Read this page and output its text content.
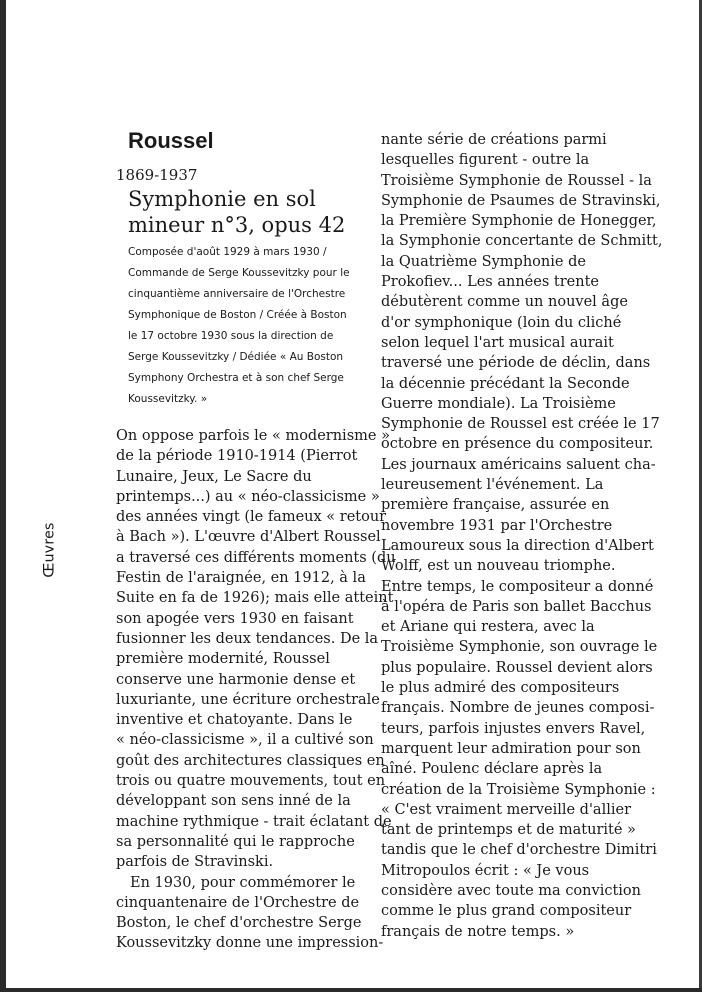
Œuvres
Roussel
1869-1937
Symphonie en sol
mineur n°3, opus 42
Composée d'août 1929 à mars 1930 /
Commande de Serge Koussevitzky pour le
cinquantième anniversaire de l'Orchestre
Symphonique de Boston / Créée à Boston
le 17 octobre 1930 sous la direction de
Serge Koussevitzky / Dédiée « Au Boston
Symphony Orchestra et à son chef Serge
Koussevitzky. »
On oppose parfois le « modernisme »
de la période 1910-1914 (Pierrot
Lunaire, Jeux, Le Sacre du
printemps...) au « néo-classicisme »
des années vingt (le fameux « retour
à Bach »). L'œuvre d'Albert Roussel
a traversé ces différents moments (du
Festin de l'araignée, en 1912, à la
Suite en fa de 1926); mais elle atteint
son apogée vers 1930 en faisant
fusionner les deux tendances. De la
première modernité, Roussel
conserve une harmonie dense et
luxuriante, une écriture orchestrale
inventive et chatoyante. Dans le
« néo-classicisme », il a cultivé son
goût des architectures classiques en
trois ou quatre mouvements, tout en
développant son sens inné de la
machine rythmique - trait éclatant de
sa personnalité qui le rapproche
parfois de Stravinski.
En 1930, pour commémorer le
cinquantenaire de l'Orchestre de
Boston, le chef d'orchestre Serge
Koussevitzky donne une impression-
nante série de créations parmi
lesquelles figurent - outre la
Troisième Symphonie de Roussel - la
Symphonie de Psaumes de Stravinski,
la Première Symphonie de Honegger,
la Symphonie concertante de Schmitt,
la Quatrième Symphonie de
Prokofiev... Les années trente
débutèrent comme un nouvel âge
d'or symphonique (loin du cliché
selon lequel l'art musical aurait
traversé une période de déclin, dans
la décennie précédant la Seconde
Guerre mondiale). La Troisième
Symphonie de Roussel est créée le 17
octobre en présence du compositeur.
Les journaux américains saluent cha-
leureusement l'événement. La
première française, assurée en
novembre 1931 par l'Orchestre
Lamoureux sous la direction d'Albert
Wolff, est un nouveau triomphe.
Entre temps, le compositeur a donné
à l'opéra de Paris son ballet Bacchus
et Ariane qui restera, avec la
Troisième Symphonie, son ouvrage le
plus populaire. Roussel devient alors
le plus admiré des compositeurs
français. Nombre de jeunes composi-
teurs, parfois injustes envers Ravel,
marquent leur admiration pour son
aîné. Poulenc déclare après la
création de la Troisième Symphonie :
« C'est vraiment merveille d'allier
tant de printemps et de maturité »
tandis que le chef d'orchestre Dimitri
Mitropoulos écrit : « Je vous
considère avec toute ma conviction
comme le plus grand compositeur
français de notre temps. »
